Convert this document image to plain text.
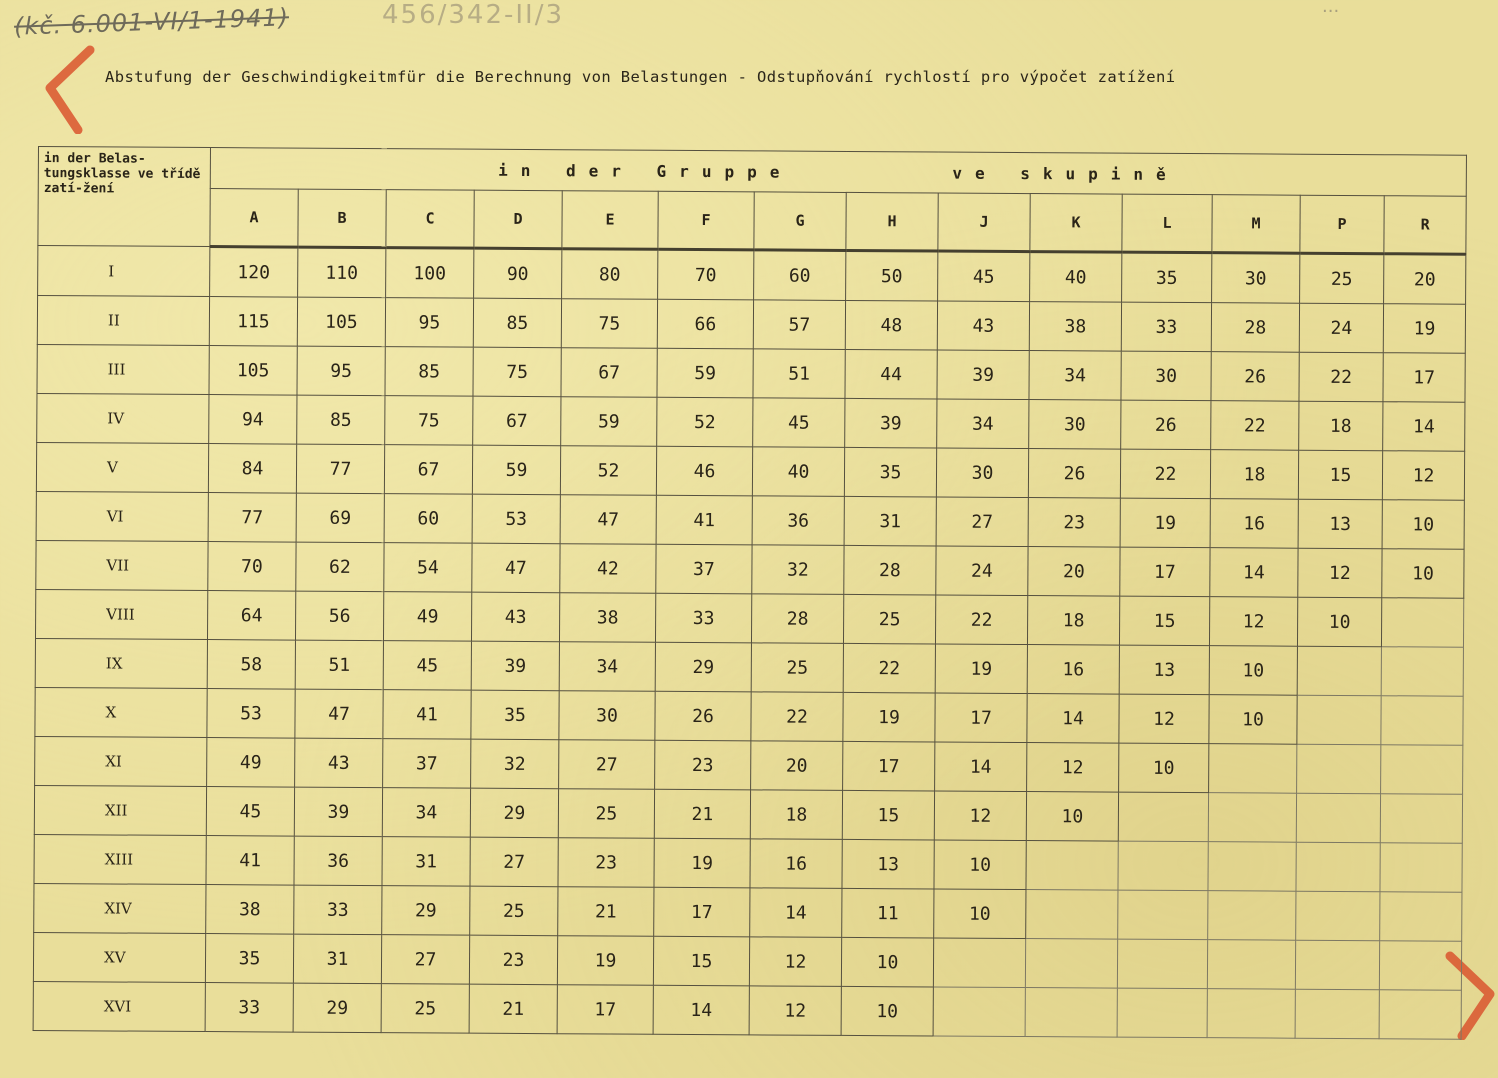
(kč. 6.001-VI/1-1941)	456/342-II/3	...
Abstufung der Geschwindigkeitmfür die Berechnung von Belastungen - Odstupňování rychlostí pro výpočet zatížení
in der Belas-tungsklasse ve třídě zatí-žení	in der Gruppe ve skupině													
	A	B	C	D	E	F	G	H	J	K	L	M	P	R
I	120	110	100	90	80	70	60	50	45	40	35	30	25	20
II	115	105	95	85	75	66	57	48	43	38	33	28	24	19
III	105	95	85	75	67	59	51	44	39	34	30	26	22	17
IV	94	85	75	67	59	52	45	39	34	30	26	22	18	14
V	84	77	67	59	52	46	40	35	30	26	22	18	15	12
VI	77	69	60	53	47	41	36	31	27	23	19	16	13	10
VII	70	62	54	47	42	37	32	28	24	20	17	14	12	10
VIII	64	56	49	43	38	33	28	25	22	18	15	12	10	
IX	58	51	45	39	34	29	25	22	19	16	13	10		
X	53	47	41	35	30	26	22	19	17	14	12	10		
XI	49	43	37	32	27	23	20	17	14	12	10			
XII	45	39	34	29	25	21	18	15	12	10				
XIII	41	36	31	27	23	19	16	13	10					
XIV	38	33	29	25	21	17	14	11	10					
XV	35	31	27	23	19	15	12	10						
XVI	33	29	25	21	17	14	12	10						
